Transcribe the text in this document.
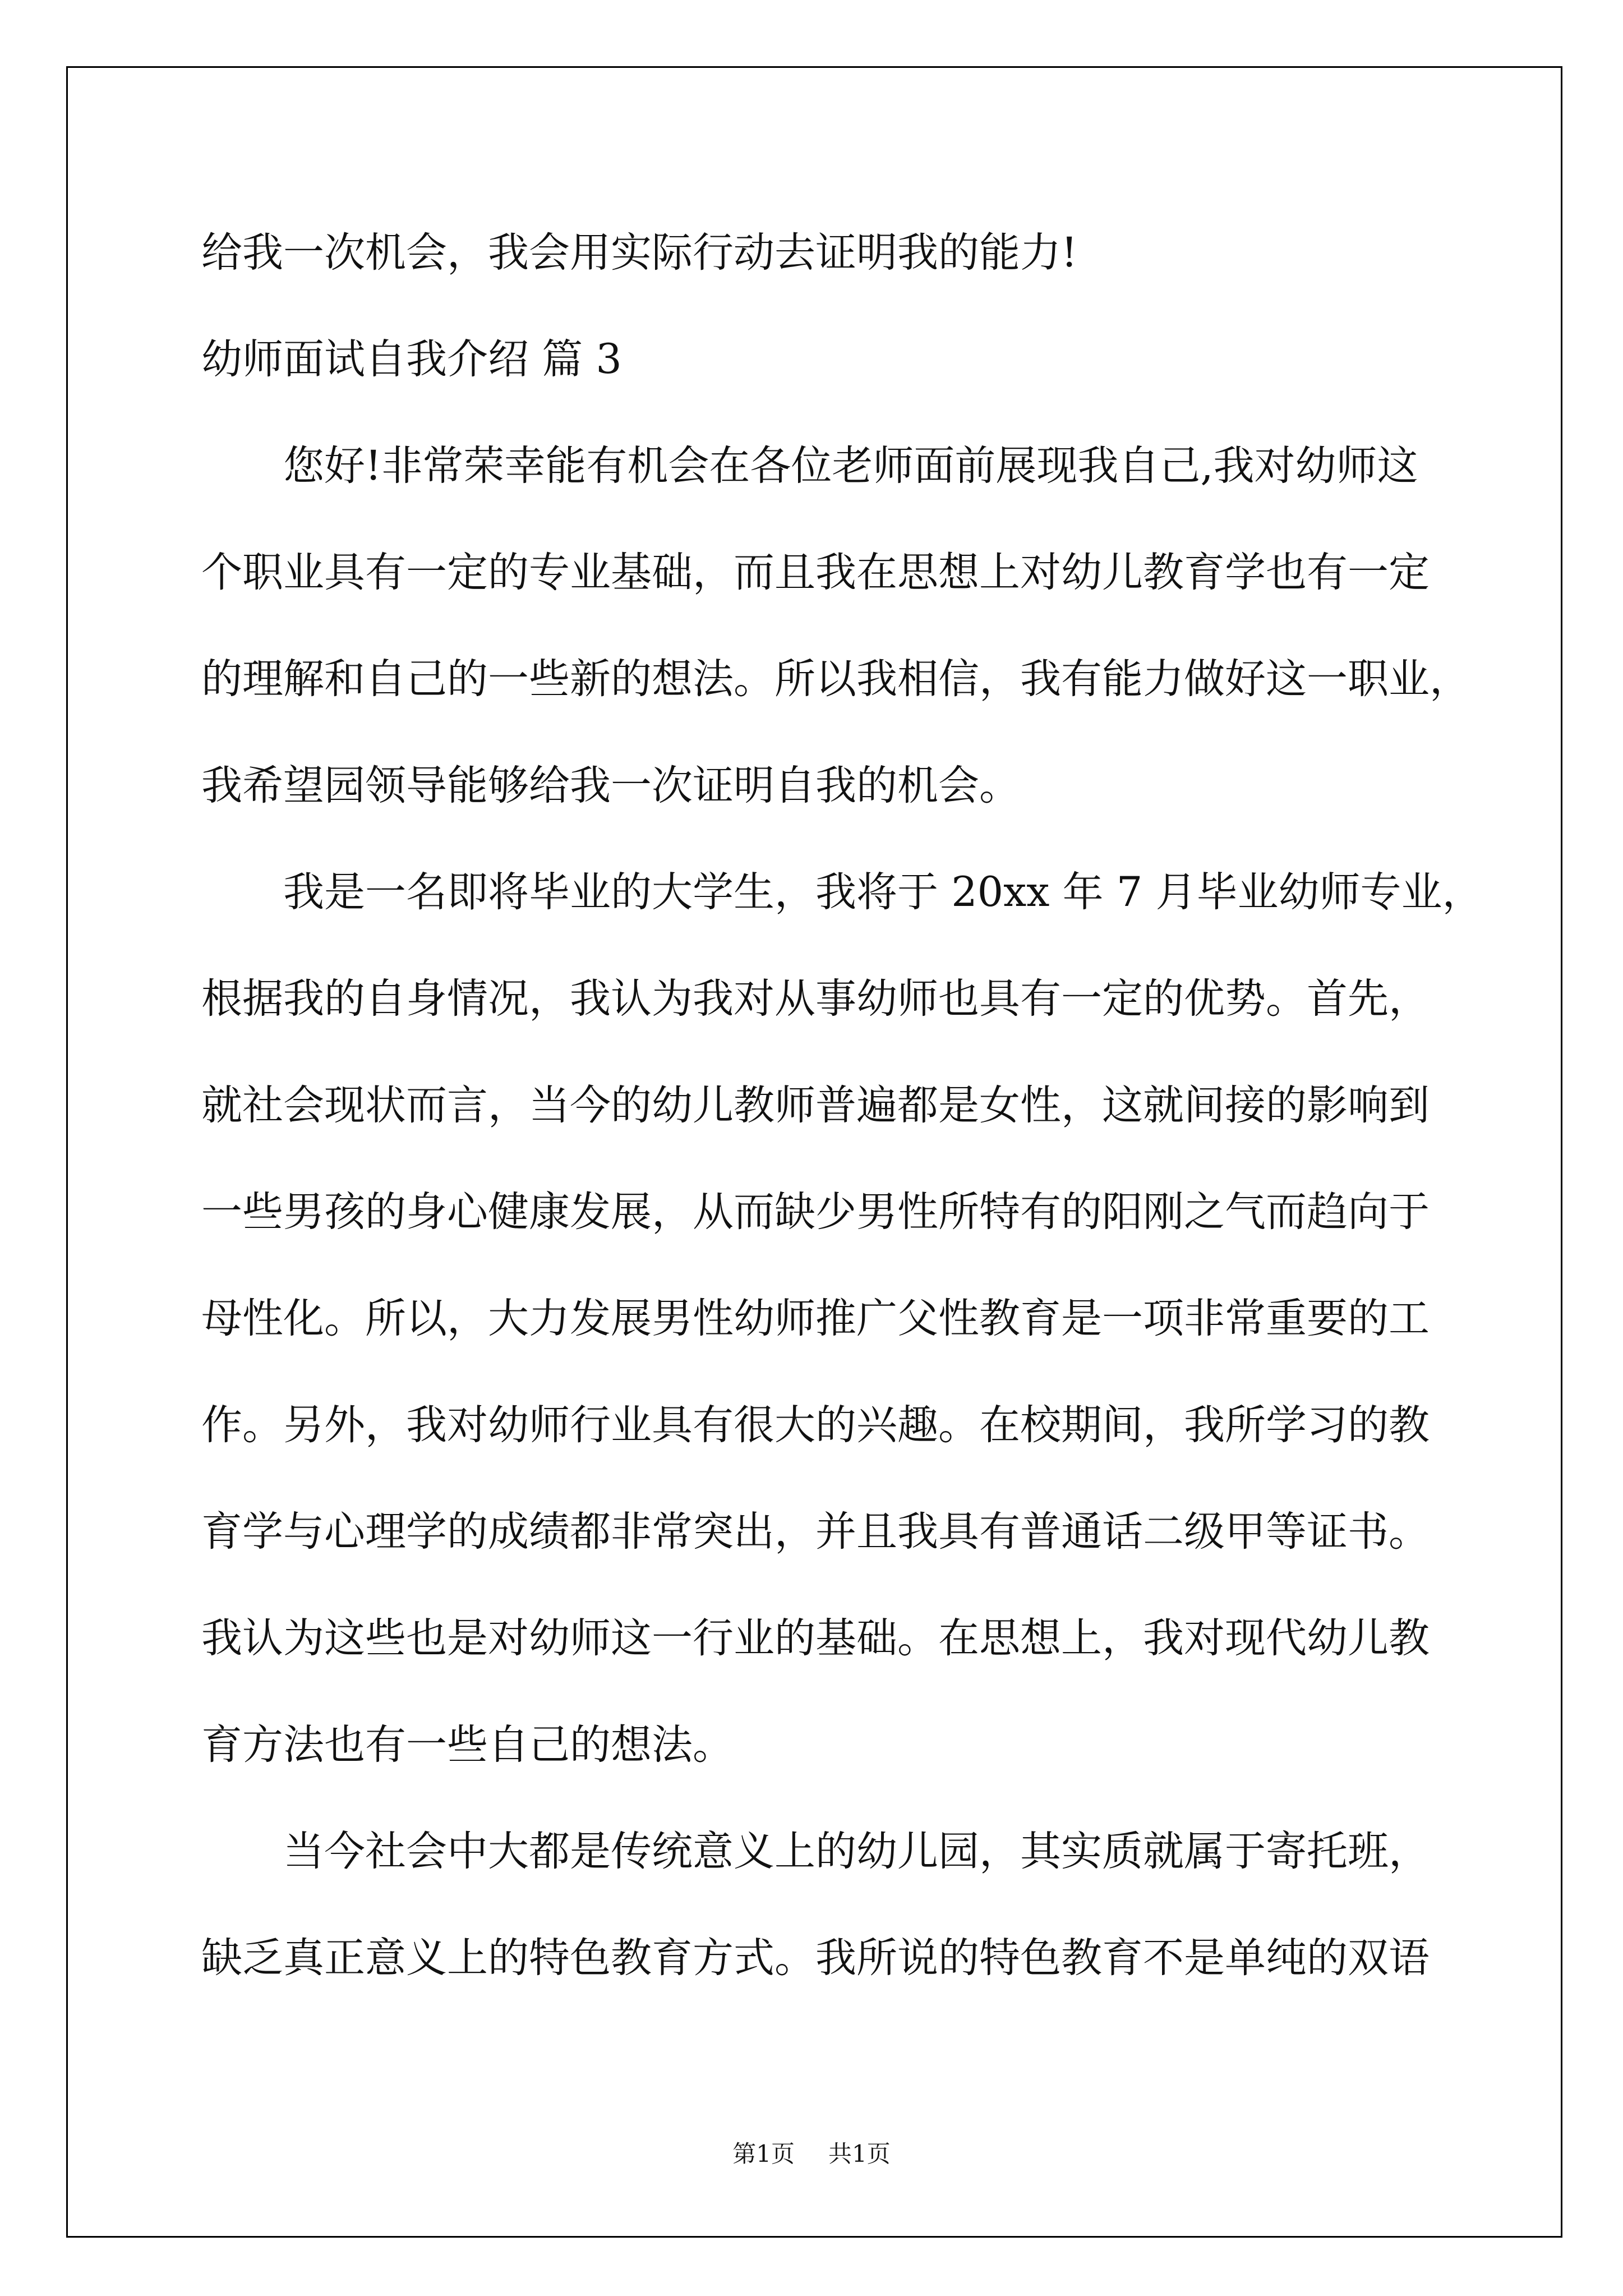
给我一次机会，我会用实际行动去证明我的能力!
幼师面试自我介绍 篇 3
您好!非常荣幸能有机会在各位老师面前展现我自己,我对幼师这
个职业具有一定的专业基础，而且我在思想上对幼儿教育学也有一定
的理解和自己的一些新的想法。所以我相信，我有能力做好这一职业，
我希望园领导能够给我一次证明自我的机会。
我是一名即将毕业的大学生，我将于 20xx 年 7 月毕业幼师专业，
根据我的自身情况，我认为我对从事幼师也具有一定的优势。首先，
就社会现状而言，当今的幼儿教师普遍都是女性，这就间接的影响到
一些男孩的身心健康发展，从而缺少男性所特有的阳刚之气而趋向于
母性化。所以，大力发展男性幼师推广父性教育是一项非常重要的工
作。另外，我对幼师行业具有很大的兴趣。在校期间，我所学习的教
育学与心理学的成绩都非常突出，并且我具有普通话二级甲等证书。
我认为这些也是对幼师这一行业的基础。在思想上，我对现代幼儿教
育方法也有一些自己的想法。
当今社会中大都是传统意义上的幼儿园，其实质就属于寄托班，
缺乏真正意义上的特色教育方式。我所说的特色教育不是单纯的双语
第1页 共1页
